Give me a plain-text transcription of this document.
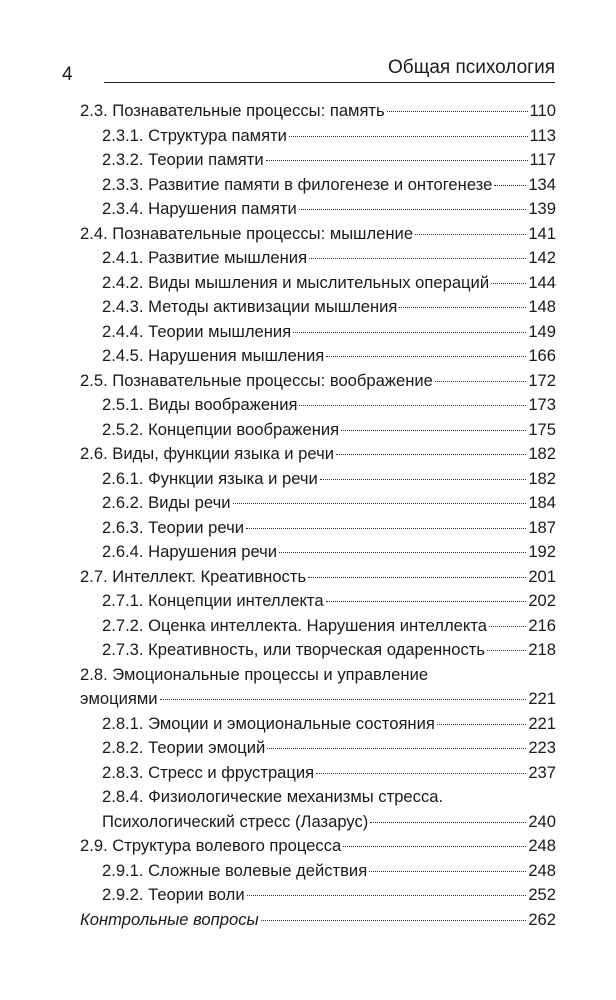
4	Общая психология
2.3. Познавательные процессы: память	110
2.3.1. Структура памяти	113
2.3.2. Теории памяти	117
2.3.3. Развитие памяти в филогенезе и онтогенезе 134
2.3.4. Нарушения памяти	139
2.4. Познавательные процессы: мышление	141
2.4.1. Развитие мышления	142
2.4.2. Виды мышления и мыслительных операций 144
2.4.3. Методы активизации мышления	148
2.4.4. Теории мышления	149
2.4.5. Нарушения мышления	166
2.5. Познавательные процессы: воображение	172
2.5.1. Виды воображения	173
2.5.2. Концепции воображения	175
2.6. Виды, функции языка и речи	182
2.6.1. Функции языка и речи	182
2.6.2. Виды речи	184
2.6.3. Теории речи	187
2.6.4. Нарушения речи	192
2.7. Интеллект. Креативность	201
2.7.1. Концепции интеллекта	202
2.7.2. Оценка интеллекта. Нарушения интеллекта 216
2.7.3. Креативность, или творческая одаренность	218
2.8. Эмоциональные процессы и управление
эмоциями	221
2.8.1. Эмоции и эмоциональные состояния	221
2.8.2. Теории эмоций	223
2.8.3. Стресс и фрустрация	237
2.8.4. Физиологические механизмы стресса.
Психологический стресс (Лазарус)	240
2.9. Структура волевого процесса	248
2.9.1. Сложные волевые действия	248
2.9.2. Теории воли	252
Контрольные вопросы	262
